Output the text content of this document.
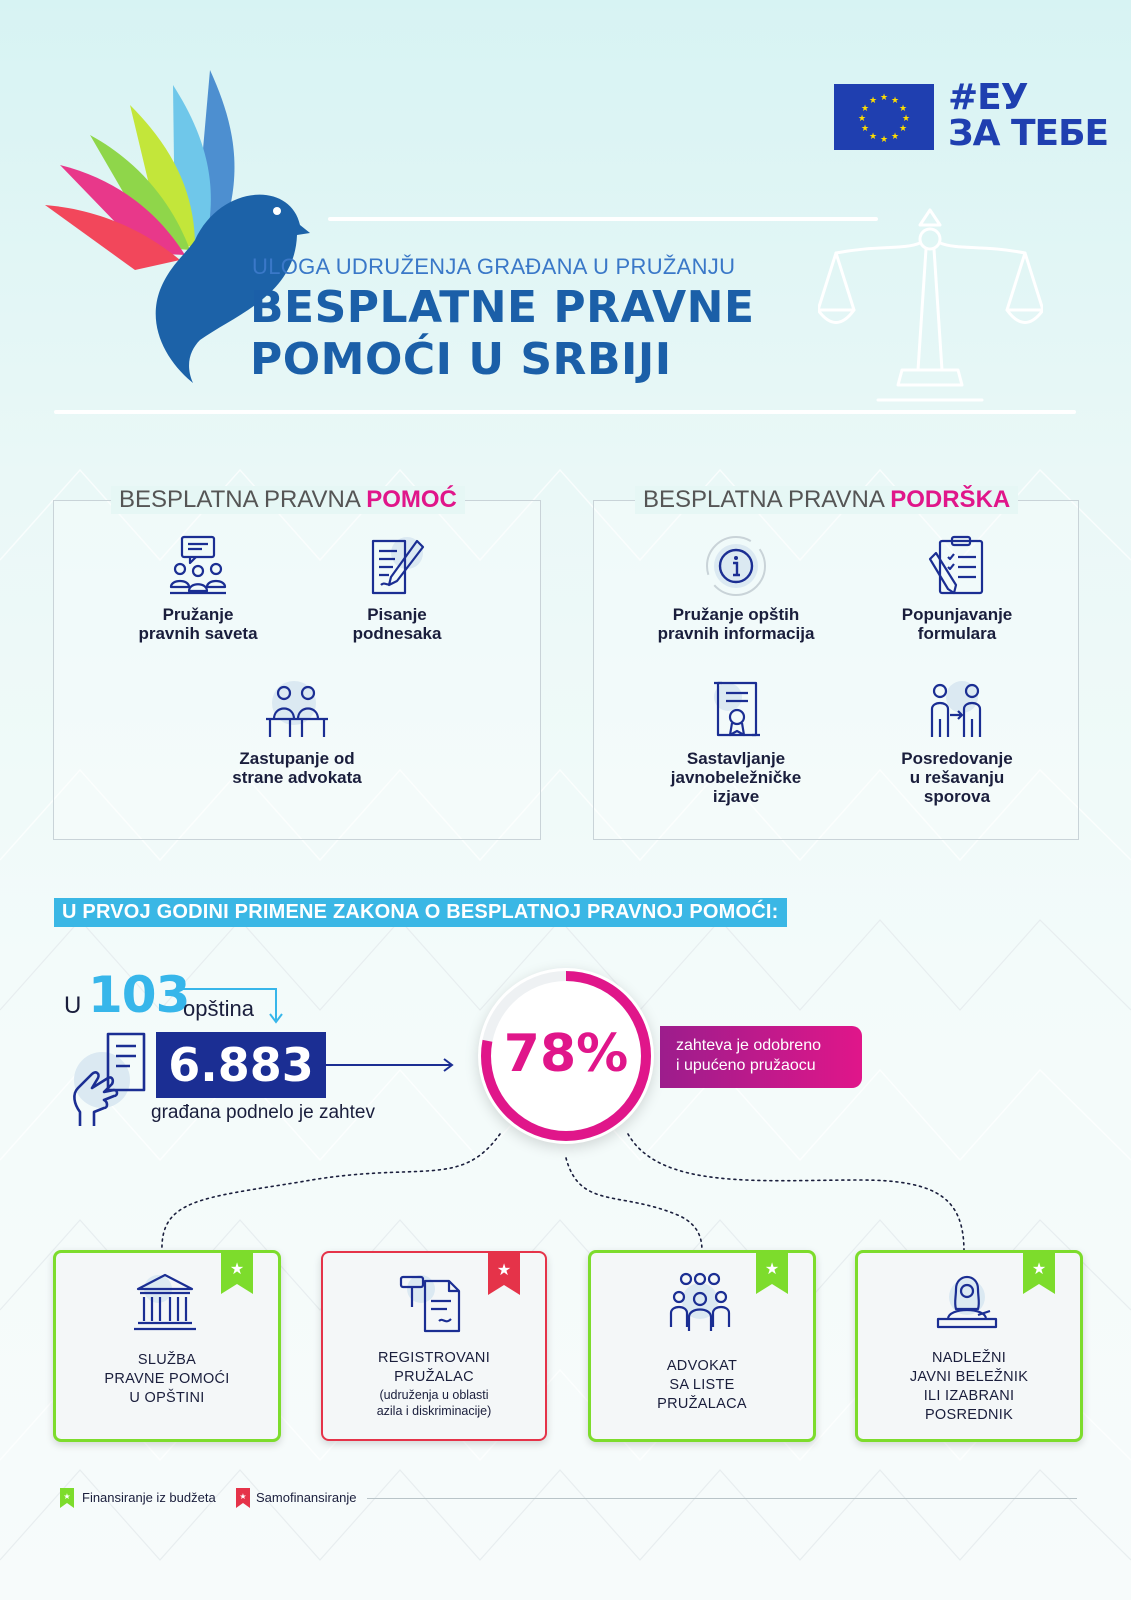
★ ★
★
★
★
★
★
★
★
★
★
★ #ЕУ
ЗА ТЕБЕ
ULOGA UDRUŽENJA GRAĐANA U PRUŽANJU
BESPLATNE PRAVNE
POMOĆI U SRBIJI
BESPLATNA PRAVNA POMOĆ
Pružanje
pravnih saveta
Pisanje
podnesaka
Zastupanje od
strane advokata
BESPLATNA PRAVNA PODRŠKA
Pružanje opštih
pravnih informacija
Popunjavanje
formulara
Sastavljanje
javnobeležničke
izjave
Posredovanje
u rešavanju
sporova
U PRVOJ GODINI PRIMENE ZAKONA O BESPLATNOJ PRAVNOJ POMOĆI:
U 103
opština
6.883
građana podnelo je zahtev
78%	zahteva je odobreno
i upućeno pružaocu
★
SLUŽBA
PRAVNE POMOĆI
U OPŠTINI
★
REGISTROVANI
PRUŽALAC
(udruženja u oblasti
azila i diskriminacije)
★
ADVOKAT
SA LISTE
PRUŽALACA
★
NADLEŽNI
JAVNI BELEŽNIK
ILI IZABRANI
POSREDNIK
★ Finansiranje iz budžeta	★ Samofinansiranje
